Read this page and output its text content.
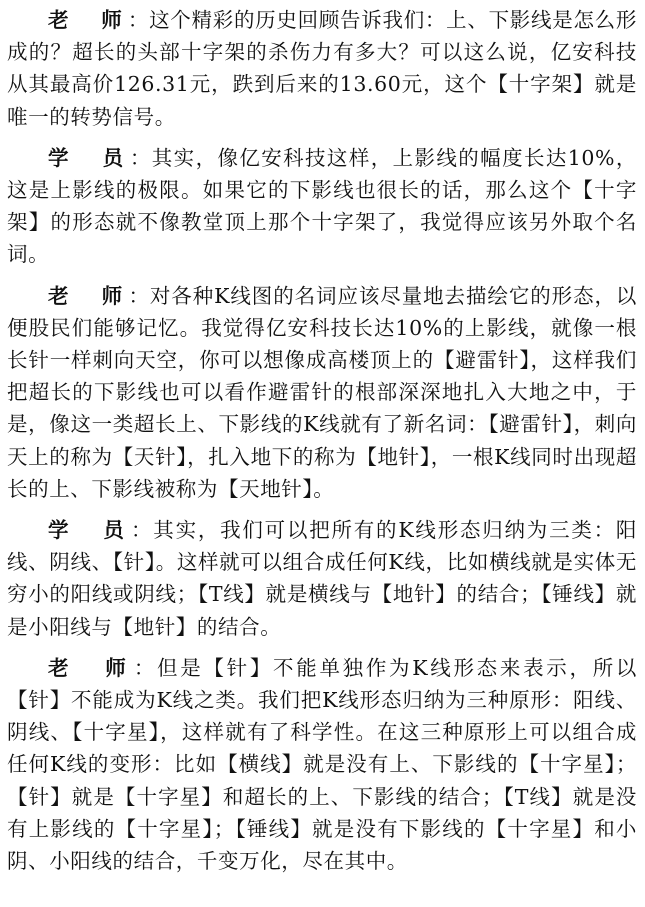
老　师：这个精彩的历史回顾告诉我们：上、下影线是怎么形成的？超长的头部十字架的杀伤力有多大？可以这么说，亿安科技从其最高价126.31元，跌到后来的13.60元，这个【十字架】就是唯一的转势信号。

学　员：其实，像亿安科技这样，上影线的幅度长达10%，这是上影线的极限。如果它的下影线也很长的话，那么这个【十字架】的形态就不像教堂顶上那个十字架了，我觉得应该另外取个名词。

老　师：对各种K线图的名词应该尽量地去描绘它的形态，以便股民们能够记忆。我觉得亿安科技长达10%的上影线，就像一根长针一样刺向天空，你可以想像成高楼顶上的【避雷针】，这样我们把超长的下影线也可以看作避雷针的根部深深地扎入大地之中，于是，像这一类超长上、下影线的K线就有了新名词：【避雷针】，刺向天上的称为【天针】，扎入地下的称为【地针】，一根K线同时出现超长的上、下影线被称为【天地针】。

学　员：其实，我们可以把所有的K线形态归纳为三类：阳线、阴线、【针】。这样就可以组合成任何K线，比如横线就是实体无穷小的阳线或阴线；【T线】就是横线与【地针】的结合；【锤线】就是小阳线与【地针】的结合。

老　师：但是【针】不能单独作为K线形态来表示，所以【针】不能成为K线之类。我们把K线形态归纳为三种原形：阳线、阴线、【十字星】，这样就有了科学性。在这三种原形上可以组合成任何K线的变形：比如【横线】就是没有上、下影线的【十字星】；【针】就是【十字星】和超长的上、下影线的结合；【T线】就是没有上影线的【十字星】；【锤线】就是没有下影线的【十字星】和小阴、小阳线的结合，千变万化，尽在其中。
